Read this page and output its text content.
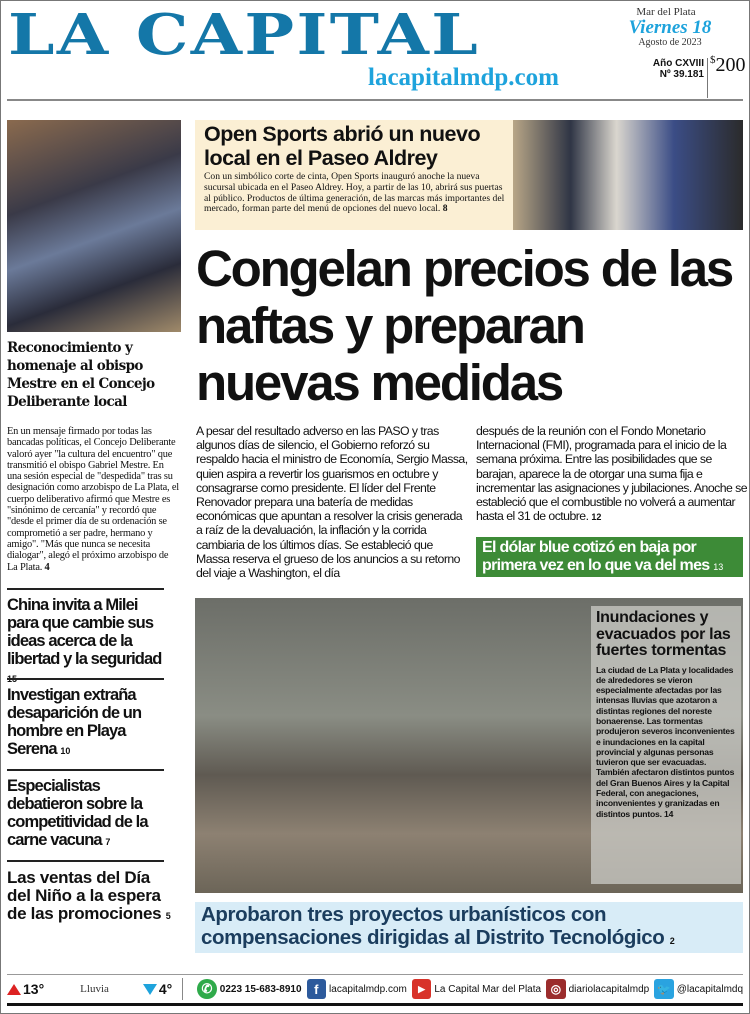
LA CAPITAL
lacapitalmdp.com
Mar del Plata
Viernes 18
Agosto de 2023
Año CXVIII
Nº 39.181
$200
Reconocimiento y homenaje al obispo Mestre en el Concejo Deliberante local
En un mensaje firmado por todas las bancadas políticas, el Concejo Deliberante valoró ayer "la cultura del encuentro" que transmitió el obispo Gabriel Mestre. En una sesión especial de "despedida" tras su designación como arzobispo de La Plata, el cuerpo deliberativo afirmó que Mestre es "sinónimo de cercanía" y recordó que "desde el primer día de su ordenación se comprometió a ser padre, hermano y amigo". "Más que nunca se necesita dialogar", alegó el próximo arzobispo de La Plata. 4
China invita a Milei para que cambie sus ideas acerca de la libertad y la seguridad
Investigan extraña desaparición de un hombre en Playa Serena 10
Especialistas debatieron sobre la competitividad de la carne vacuna 7
Las ventas del Día del Niño a la espera de las promociones 5
Open Sports abrió un nuevo local en el Paseo Aldrey
Con un simbólico corte de cinta, Open Sports inauguró anoche la nueva sucursal ubicada en el Paseo Aldrey. Hoy, a partir de las 10, abrirá sus puertas al público. Productos de última generación, de las marcas más importantes del mercado, forman parte del menú de opciones del nuevo local. 8
Congelan precios de las naftas y preparan nuevas medidas
A pesar del resultado adverso en las PASO y tras algunos días de silencio, el Gobierno reforzó su respaldo hacia el ministro de Economía, Sergio Massa, quien aspira a revertir los guarismos en octubre y consagrarse como presidente. El líder del Frente Renovador prepara una batería de medidas económicas que apuntan a resolver la crisis generada a raíz de la devaluación, la inflación y la corrida cambiaria de los últimos días. Se estableció que Massa reserva el grueso de los anuncios a su retorno del viaje a Washington, el día
después de la reunión con el Fondo Monetario Internacional (FMI), programada para el inicio de la semana próxima. Entre las posibilidades que se barajan, aparece la de otorgar una suma fija e incrementar las asignaciones y jubilaciones. Anoche se estableció que el combustible no volverá a aumentar hasta el 31 de octubre. 12
El dólar blue cotizó en baja por primera vez en lo que va del mes 13
Inundaciones y evacuados por las fuertes tormentas
La ciudad de La Plata y localidades de alrededores se vieron especialmente afectadas por las intensas lluvias que azotaron a distintas regiones del noreste bonaerense. Las tormentas produjeron severos inconvenientes e inundaciones en la capital provincial y algunas personas tuvieron que ser evacuadas. También afectaron distintos puntos del Gran Buenos Aires y la Capital Federal, con anegaciones, inconvenientes y granizadas en distintos puntos. 14
Aprobaron tres proyectos urbanísticos con compensaciones dirigidas al Distrito Tecnológico 2
13°	Lluvia	4°	✆ 0223 15-683-8910 f	lacapitalmdp.com	▶ La Capital Mar del Plata ◎ diariolacapitalmdp 🐦 @lacapitalmdq
